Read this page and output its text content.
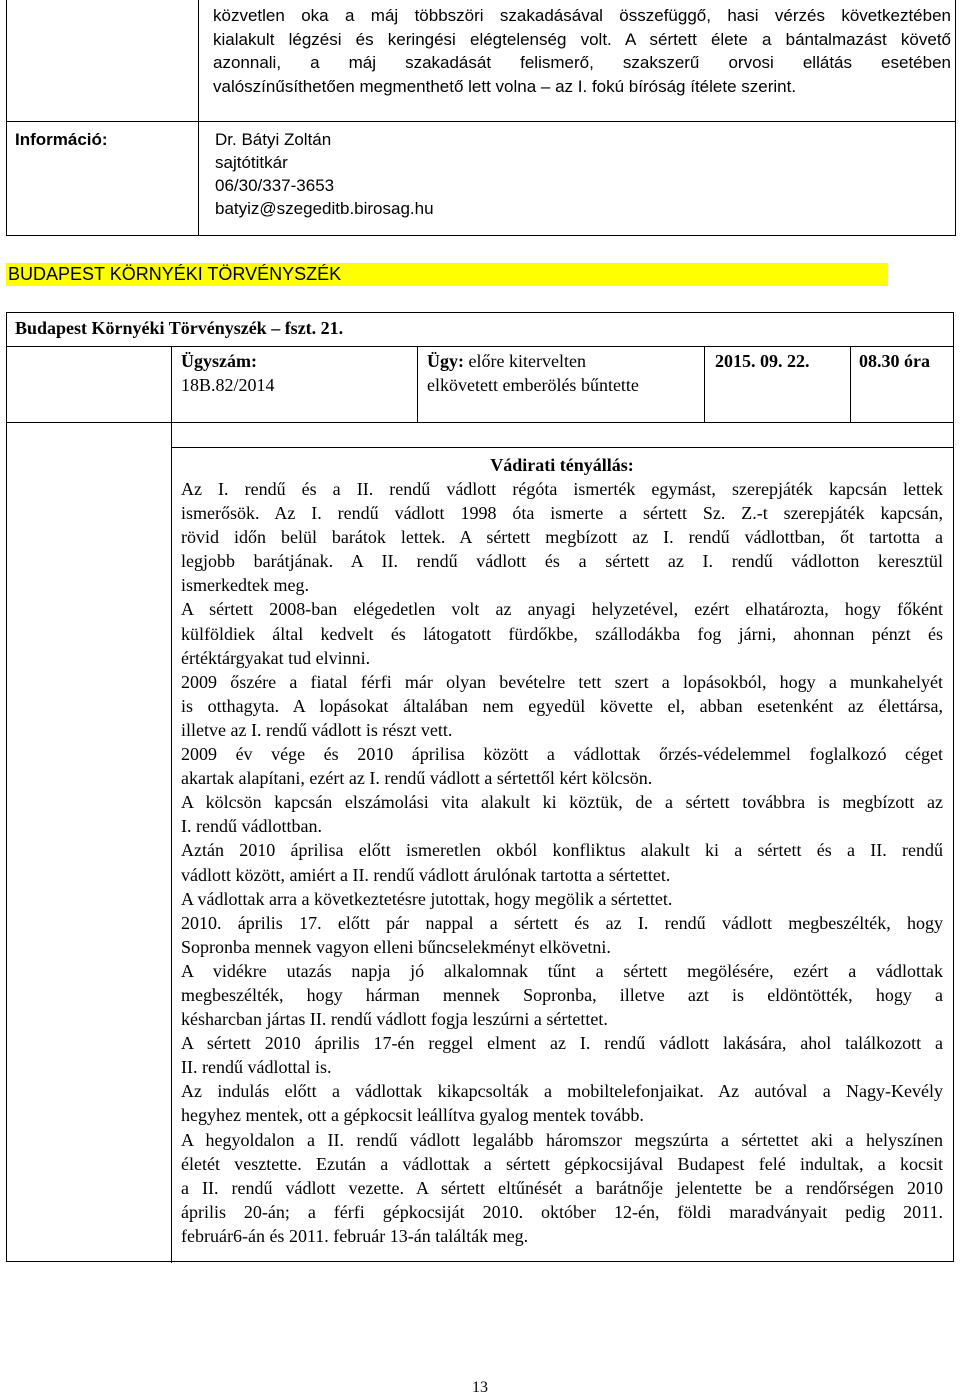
közvetlen oka a máj többszöri szakadásával összefüggő, hasi vérzés következtében
kialakult légzési és keringési elégtelenség volt. A sértett élete a bántalmazást követő
azonnali, a máj szakadását felismerő, szakszerű orvosi ellátás esetében
valószínűsíthetően megmenthető lett volna – az I. fokú bíróság ítélete szerint.
Dr. Bátyi Zoltán
sajtótitkár
06/30/337-3653
batyiz@szegeditb.birosag.hu
Információ:
BUDAPEST KÖRNYÉKI TÖRVÉNYSZÉK
Budapest Környéki Törvényszék – fszt. 21.
Ügyszám:
18B.82/2014
Ügy: előre kitervelten
elkövetett emberölés bűntette
2015. 09. 22.	08.30 óra
Vádirati tényállás:
Az I. rendű és a II. rendű vádlott régóta ismerték egymást, szerepjáték kapcsán lettek
ismerősök. Az I. rendű vádlott 1998 óta ismerte a sértett Sz. Z.-t szerepjáték kapcsán,
rövid időn belül barátok lettek. A sértett megbízott az I. rendű vádlottban, őt tartotta a
legjobb barátjának. A II. rendű vádlott és a sértett az I. rendű vádlotton keresztül
ismerkedtek meg.
A sértett 2008-ban elégedetlen volt az anyagi helyzetével, ezért elhatározta, hogy főként
külföldiek által kedvelt és látogatott fürdőkbe, szállodákba fog járni, ahonnan pénzt és
értéktárgyakat tud elvinni.
2009 őszére a fiatal férfi már olyan bevételre tett szert a lopásokból, hogy a munkahelyét
is otthagyta. A lopásokat általában nem egyedül követte el, abban esetenként az élettársa,
illetve az I. rendű vádlott is részt vett.
2009 év vége és 2010 áprilisa között a vádlottak őrzés-védelemmel foglalkozó céget
akartak alapítani, ezért az I. rendű vádlott a sértettől kért kölcsön.
A kölcsön kapcsán elszámolási vita alakult ki köztük, de a sértett továbbra is megbízott az
I. rendű vádlottban.
Aztán 2010 áprilisa előtt ismeretlen okból konfliktus alakult ki a sértett és a II. rendű
vádlott között, amiért a II. rendű vádlott árulónak tartotta a sértettet.
A vádlottak arra a következtetésre jutottak, hogy megölik a sértettet.
2010. április 17. előtt pár nappal a sértett és az I. rendű vádlott megbeszélték, hogy
Sopronba mennek vagyon elleni bűncselekményt elkövetni.
A vidékre utazás napja jó alkalomnak tűnt a sértett megölésére, ezért a vádlottak
megbeszélték, hogy hárman mennek Sopronba, illetve azt is eldöntötték, hogy a
késharcban jártas II. rendű vádlott fogja leszúrni a sértettet.
A sértett 2010 április 17-én reggel elment az I. rendű vádlott lakására, ahol találkozott a
II. rendű vádlottal is.
Az indulás előtt a vádlottak kikapcsolták a mobiltelefonjaikat. Az autóval a Nagy-Kevély
hegyhez mentek, ott a gépkocsit leállítva gyalog mentek tovább.
A hegyoldalon a II. rendű vádlott legalább háromszor megszúrta a sértettet aki a helyszínen
életét vesztette. Ezután a vádlottak a sértett gépkocsijával Budapest felé indultak, a kocsit
a II. rendű vádlott vezette. A sértett eltűnését a barátnője jelentette be a rendőrségen 2010
április 20-án; a férfi gépkocsiját 2010. október 12-én, földi maradványait pedig 2011.
február6-án és 2011. február 13-án találták meg.
13
